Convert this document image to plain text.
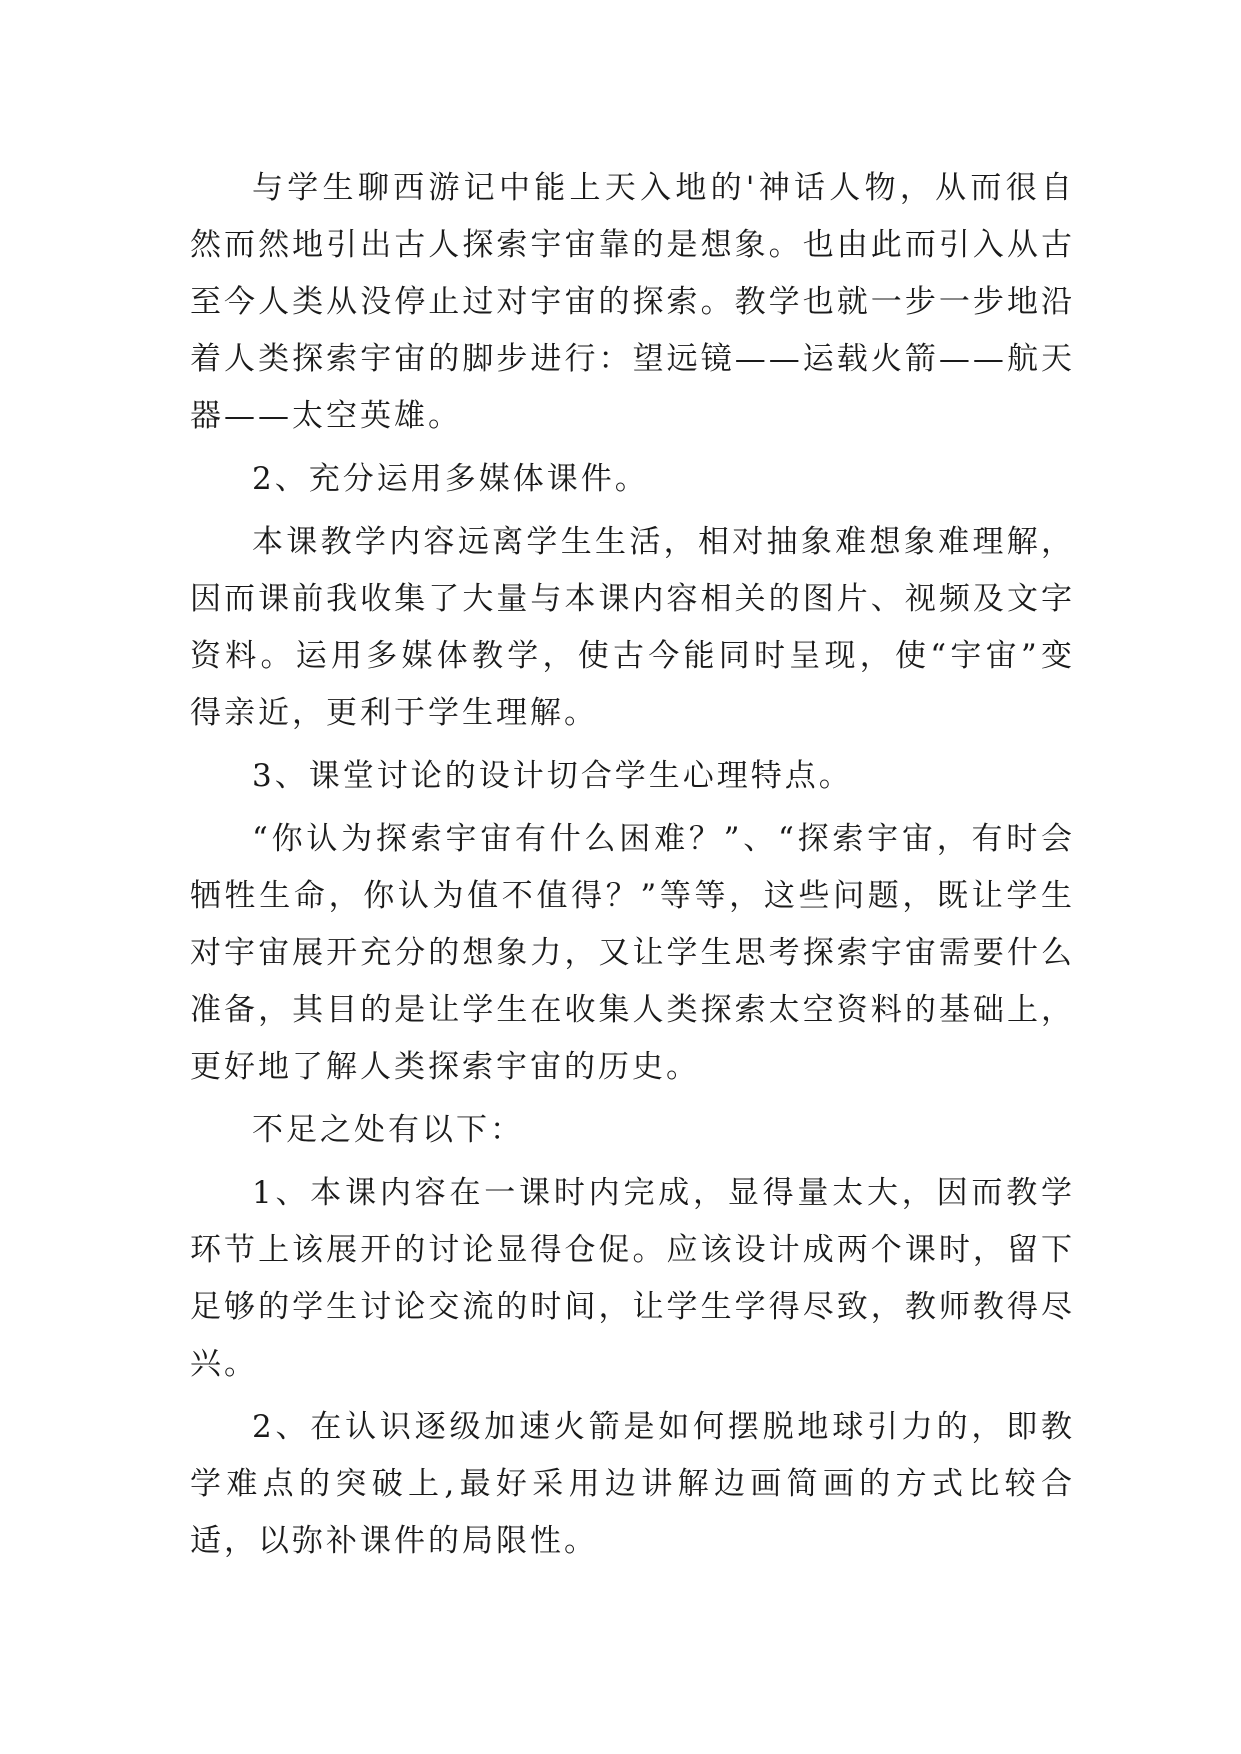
与学生聊西游记中能上天入地的'神话人物，从而很自然而然地引出古人探索宇宙靠的是想象。也由此而引入从古至今人类从没停止过对宇宙的探索。教学也就一步一步地沿着人类探索宇宙的脚步进行：望远镜——运载火箭——航天器——太空英雄。

2、充分运用多媒体课件。

本课教学内容远离学生生活，相对抽象难想象难理解，因而课前我收集了大量与本课内容相关的图片、视频及文字资料。运用多媒体教学，使古今能同时呈现，使“宇宙”变得亲近，更利于学生理解。

3、课堂讨论的设计切合学生心理特点。

“你认为探索宇宙有什么困难？”、“探索宇宙，有时会牺牲生命，你认为值不值得？”等等，这些问题，既让学生对宇宙展开充分的想象力，又让学生思考探索宇宙需要什么准备，其目的是让学生在收集人类探索太空资料的基础上，更好地了解人类探索宇宙的历史。

不足之处有以下：

1、本课内容在一课时内完成，显得量太大，因而教学环节上该展开的讨论显得仓促。应该设计成两个课时，留下足够的学生讨论交流的时间，让学生学得尽致，教师教得尽兴。

2、在认识逐级加速火箭是如何摆脱地球引力的，即教学难点的突破上,最好采用边讲解边画简画的方式比较合适，以弥补课件的局限性。
